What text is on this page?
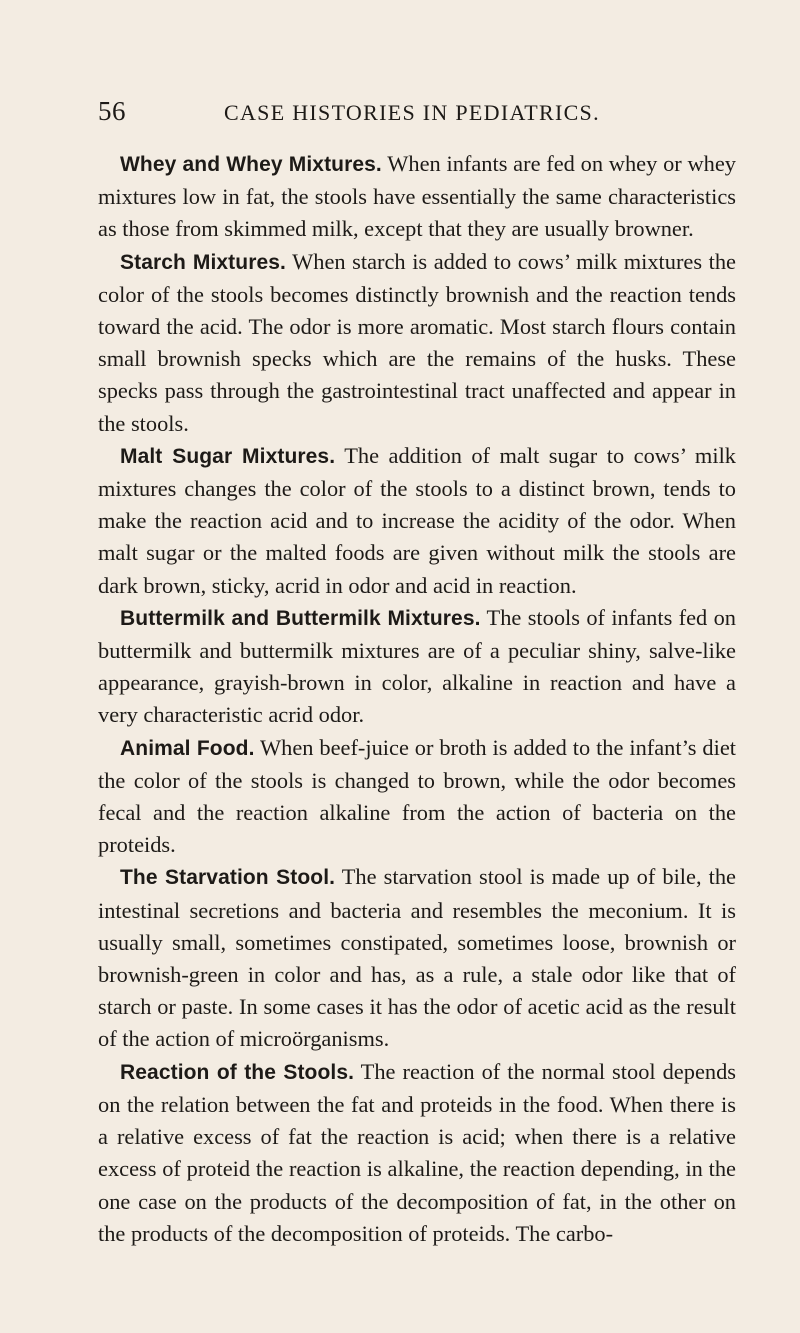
56	CASE HISTORIES IN PEDIATRICS.

Whey and Whey Mixtures. When infants are fed on whey or whey mixtures low in fat, the stools have essentially the same characteristics as those from skimmed milk, except that they are usually browner.

Starch Mixtures. When starch is added to cows’ milk mixtures the color of the stools becomes distinctly brownish and the reaction tends toward the acid. The odor is more aromatic. Most starch flours contain small brownish specks which are the remains of the husks. These specks pass through the gastrointestinal tract unaffected and appear in the stools.

Malt Sugar Mixtures. The addition of malt sugar to cows’ milk mixtures changes the color of the stools to a distinct brown, tends to make the reaction acid and to increase the acidity of the odor. When malt sugar or the malted foods are given without milk the stools are dark brown, sticky, acrid in odor and acid in reaction.

Buttermilk and Buttermilk Mixtures. The stools of infants fed on buttermilk and buttermilk mixtures are of a peculiar shiny, salve-like appearance, grayish-brown in color, alkaline in reaction and have a very characteristic acrid odor.

Animal Food. When beef-juice or broth is added to the infant’s diet the color of the stools is changed to brown, while the odor becomes fecal and the reaction alkaline from the action of bacteria on the proteids.

The Starvation Stool. The starvation stool is made up of bile, the intestinal secretions and bacteria and resembles the meconium. It is usually small, sometimes constipated, sometimes loose, brownish or brownish-green in color and has, as a rule, a stale odor like that of starch or paste. In some cases it has the odor of acetic acid as the result of the action of microörganisms.

Reaction of the Stools. The reaction of the normal stool depends on the relation between the fat and proteids in the food. When there is a relative excess of fat the reaction is acid; when there is a relative excess of proteid the reaction is alkaline, the reaction depending, in the one case on the products of the decomposition of fat, in the other on the products of the decomposition of proteids. The carbo-
